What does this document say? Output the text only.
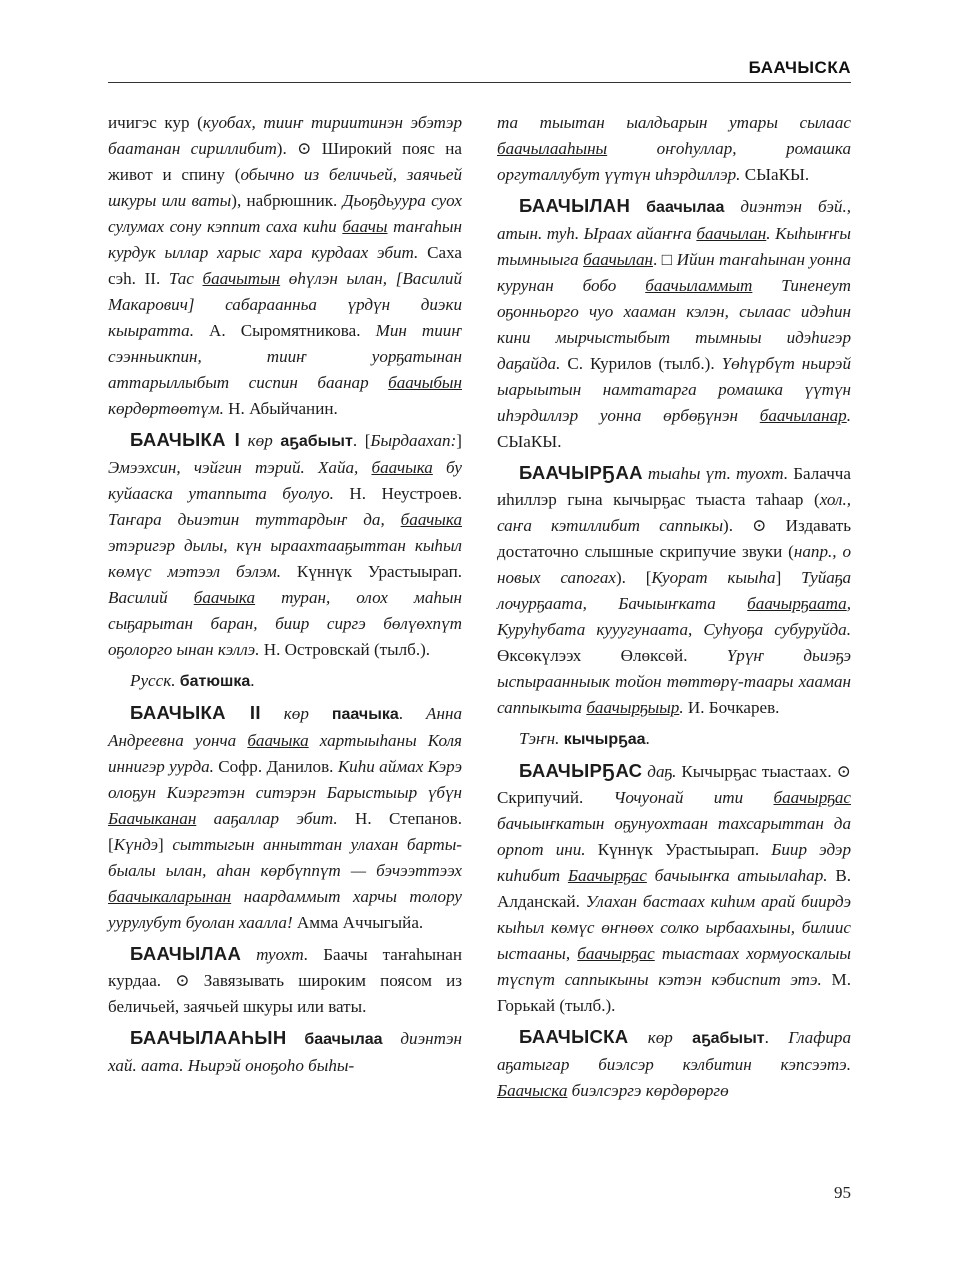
БААЧЫСКА

ичигэс кур (куобах, тииҥ тириитинэн эбэтэр баатанан сириллибит). ⊙ Широкий пояс на живот и спину (обычно из беличьей, заячьей шкуры или ваты), набрюшник. Дьоҕдьуура суох сулумах сону кэппит саха киһи баачы таҥаһын курдук ыллар харыс хара курдаах эбит. Саха сэh. II. Тас баачытын өһүлэн ылан, [Василий Макарович] сабараанньа үрдүн диэки кыыратта. А. Сыромятникова. Мин тииҥ сээнньикпин, тииҥ уорҕатынан аттарыллыбыт сиспин баанар баачыбын көрдөртөөтүм. Н. Абыйчанин.

БААЧЫКА I көр аҕабыыт. [Бырдаахап:] Эмээхсин, чэйгин тэрий. Хайа, баачыка бу куйааска утаппыта буолуо. Н. Неустроев. Таҥара дьиэтин туттардыҥ да, баачыка этэригэр дылы, күн ыраахтааҕыттан кыһыл көмүс мэтээл бэлэм. Күннүк Урастыырап. Василий баачыка туран, олох маһын сыҕарытан баран, биир сиргэ бөлүөхпүт оҕолорго ынан кэллэ. Н. Островскай (тылб.).

Русск. батюшка.

БААЧЫКА II көр паачыка. Анна Андреевна уонча баачыка хартыыһаны Коля иннигэр уурда. Софр. Данилов. Киһи аймах Кэрэ олоҕун Киэргэтэн ситэрэн Барыстыыр үбүн Баачыканан ааҕаллар эбит. Н. Степанов. [Күндэ] сыттыгын анныттан улахан барты-быалы ылан, аһан көрбүппүт — бэчээттээх баачыкаларынан наардаммыт харчы толору уурулубут буолан хаалла! Амма Аччыгыйа.

БААЧЫЛАА туохт. Баачы таҥаһынан курдаа. ⊙ Завязывать широким поясом из беличьей, заячьей шкуры или ваты.

БААЧЫЛААҺЫН баачылаа диэнтэн хай. аата. Ньирэй оноҕоһо быһы-

та тыытан ыалдьарын утары сылаас баачылааһыны оҥоһуллар, ромашка оргуталлубут үүтүн иһэрдиллэр. СЫаКЫ.

БААЧЫЛАН баачылаа диэнтэн бэй., атын. туһ. Ыраах айаҥҥа баачылан. Кыһыҥҥы тымныыга баачылан. □ Ийин таҥаһынан уонна курунан бобо баачыламмыт Тиненеут оҕонньорго чуо хааман кэлэн, сылаас идэһин кини мырчыстыбыт тымныы идэһигэр даҕайда. С. Курилов (тылб.). Үөһүрбүт ньирэй ыарыытын намтатарга ромашка үүтүн иһэрдиллэр уонна өрбөҕүнэн баачыланар. СЫаКЫ.

БААЧЫРҔАА тыаһы үт. туохт. Балачча иһиллэр гына кычырҕас тыаста таһаар (хол., саҥа кэтиллибит саппыкы). ⊙ Издавать достаточно слышные скрипучие звуки (напр., о новых сапогах). [Куорат кыыһа] Туйаҕа лочурҕаата, Бачыыҥката баачырҕаата, Куруһубата кууугунаата, Суһуоҕа субуруйда. Өксөкүлээх Өлөксөй. Үрүҥ дьиэҕэ ыспыраанныык тойон төттөрү-таары хааман саппыкыта баачырҕыыр. И. Бочкарев.

Тэҥн. кычырҕаа.

БААЧЫРҔАС даҕ. Кычырҕас тыастаах. ⊙ Скрипучий. Чочуонай ити баачырҕас бачыыҥкатын оҕунуохтаан тахсарыттан да орпот ини. Күннүк Урастыырап. Биир эдэр киһибит Баачырҕас бачыыҥка атыылаһар. В. Алданскай. Улахан бастаах киһим арай биирдэ кыһыл көмүс өҥнөөх солко ырбаахыны, билиис ыстааны, баачырҕас тыастаах хормуоскалыы түспүт саппыкыны кэтэн кэбиспит этэ. М. Горькай (тылб.).

БААЧЫСКА көр аҕабыыт. Глафира аҕатыгар биэлсэр кэлбитин кэпсээтэ. Баачыска биэлсэргэ көрдөрөргө

95
